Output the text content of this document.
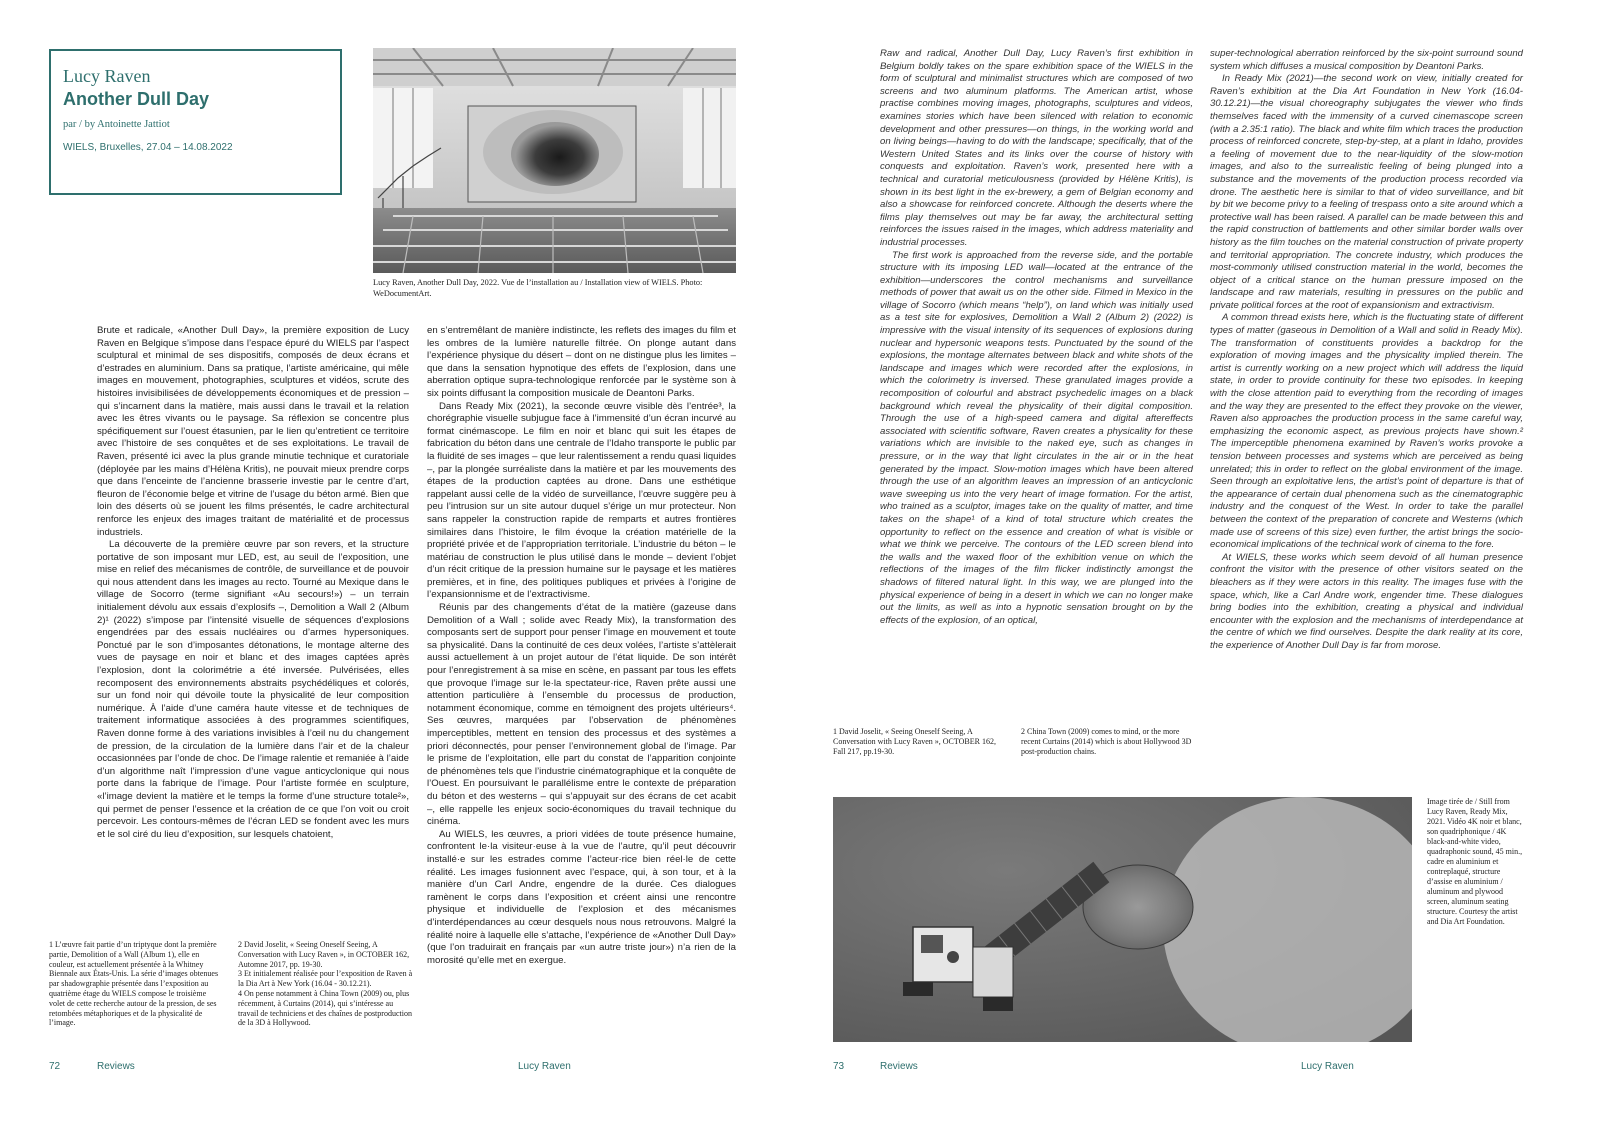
Lucy Raven
Another Dull Day
par / by Antoinette Jattiot
WIELS, Bruxelles, 27.04 – 14.08.2022
Lucy Raven, Another Dull Day, 2022. Vue de l’installation au / Installation view of WIELS. Photo: WeDocumentArt.

Brute et radicale, «Another Dull Day», la première exposition de Lucy Raven en Belgique s’impose dans l’espace épuré du WIELS par l’aspect sculptural et minimal de ses dispositifs, composés de deux écrans et d’estrades en aluminium. Dans sa pratique, l’artiste américaine, qui mêle images en mouvement, photographies, sculptures et vidéos, scrute des histoires invisibilisées de développements économiques et de pression – qui s’incarnent dans la matière, mais aussi dans le travail et la relation avec les êtres vivants ou le paysage. Sa réflexion se concentre plus spécifiquement sur l’ouest étasunien, par le lien qu’entretient ce territoire avec l’histoire de ses conquêtes et de ses exploitations. Le travail de Raven, présenté ici avec la plus grande minutie technique et curatoriale (déployée par les mains d’Hélèna Kritis), ne pouvait mieux prendre corps que dans l’enceinte de l’ancienne brasserie investie par le centre d’art, fleuron de l’économie belge et vitrine de l’usage du béton armé. Bien que loin des déserts où se jouent les films présentés, le cadre architectural renforce les enjeux des images traitant de matérialité et de processus industriels.

La découverte de la première œuvre par son revers, et la structure portative de son imposant mur LED, est, au seuil de l’exposition, une mise en relief des mécanismes de contrôle, de surveillance et de pouvoir qui nous attendent dans les images au recto. Tourné au Mexique dans le village de Socorro (terme signifiant «Au secours!») – un terrain initialement dévolu aux essais d’explosifs –, Demolition a Wall 2 (Album 2)¹ (2022) s’impose par l’intensité visuelle de séquences d’explosions engendrées par des essais nucléaires ou d’armes hypersoniques. Ponctué par le son d’imposantes détonations, le montage alterne des vues de paysage en noir et blanc et des images captées après l’explosion, dont la colorimétrie a été inversée. Pulvérisées, elles recomposent des environnements abstraits psychédéliques et colorés, sur un fond noir qui dévoile toute la physicalité de leur composition numérique. À l’aide d’une caméra haute vitesse et de techniques de traitement informatique associées à des programmes scientifiques, Raven donne forme à des variations invisibles à l’œil nu du changement de pression, de la circulation de la lumière dans l’air et de la chaleur occasionnées par l’onde de choc. De l’image ralentie et remaniée à l’aide d’un algorithme naît l’impression d’une vague anticyclonique qui nous porte dans la fabrique de l’image. Pour l’artiste formée en sculpture, «l’image devient la matière et le temps la forme d’une structure totale²», qui permet de penser l’essence et la création de ce que l’on voit ou croit percevoir. Les contours-mêmes de l’écran LED se fondent avec les murs et le sol ciré du lieu d’exposition, sur lesquels chatoient,

en s’entremêlant de manière indistincte, les reflets des images du film et les ombres de la lumière naturelle filtrée. On plonge autant dans l’expérience physique du désert – dont on ne distingue plus les limites – que dans la sensation hypnotique des effets de l’explosion, dans une aberration optique supra-technologique renforcée par le système son à six points diffusant la composition musicale de Deantoni Parks.

Dans Ready Mix (2021), la seconde œuvre visible dès l’entrée³, la chorégraphie visuelle subjugue face à l’immensité d’un écran incurvé au format cinémascope. Le film en noir et blanc qui suit les étapes de fabrication du béton dans une centrale de l’Idaho transporte le public par la fluidité de ses images – que leur ralentissement a rendu quasi liquides –, par la plongée surréaliste dans la matière et par les mouvements des étapes de la production captées au drone. Dans une esthétique rappelant aussi celle de la vidéo de surveillance, l’œuvre suggère peu à peu l’intrusion sur un site autour duquel s’érige un mur protecteur. Non sans rappeler la construction rapide de remparts et autres frontières similaires dans l’histoire, le film évoque la création matérielle de la propriété privée et de l’appropriation territoriale. L’industrie du béton – le matériau de construction le plus utilisé dans le monde – devient l’objet d’un récit critique de la pression humaine sur le paysage et les matières premières, et in fine, des politiques publiques et privées à l’origine de l’expansionnisme et de l’extractivisme.

Réunis par des changements d’état de la matière (gazeuse dans Demolition of a Wall ; solide avec Ready Mix), la transformation des composants sert de support pour penser l’image en mouvement et toute sa physicalité. Dans la continuité de ces deux volées, l’artiste s’attèlerait aussi actuellement à un projet autour de l’état liquide. De son intérêt pour l’enregistrement à sa mise en scène, en passant par tous les effets que provoque l’image sur le·la spectateur·rice, Raven prête aussi une attention particulière à l’ensemble du processus de production, notamment économique, comme en témoignent des projets ultérieurs⁴. Ses œuvres, marquées par l’observation de phénomènes imperceptibles, mettent en tension des processus et des systèmes a priori déconnectés, pour penser l’environnement global de l’image. Par le prisme de l’exploitation, elle part du constat de l’apparition conjointe de phénomènes tels que l’industrie cinématographique et la conquête de l’Ouest. En poursuivant le parallélisme entre le contexte de préparation du béton et des westerns – qui s’appuyait sur des écrans de cet acabit –, elle rappelle les enjeux socio-économiques du travail technique du cinéma.

Au WIELS, les œuvres, a priori vidées de toute présence humaine, confrontent le·la visiteur·euse à la vue de l’autre, qu’il peut découvrir installé·e sur les estrades comme l’acteur·rice bien réel·le de cette réalité. Les images fusionnent avec l’espace, qui, à son tour, et à la manière d’un Carl Andre, engendre de la durée. Ces dialogues ramènent le corps dans l’exposition et créent ainsi une rencontre physique et individuelle de l’explosion et des mécanismes d’interdépendances au cœur desquels nous nous retrouvons. Malgré la réalité noire à laquelle elle s’attache, l’expérience de «Another Dull Day» (que l’on traduirait en français par «un autre triste jour») n’a rien de la morosité qu’elle met en exergue.

1 L’œuvre fait partie d’un triptyque dont la première partie, Demolition of a Wall (Album 1), elle en couleur, est actuellement présentée à la Whitney Biennale aux États-Unis. La série d’images obtenues par shadowgraphie présentée dans l’exposition au quatrième étage du WIELS compose le troisième volet de cette recherche autour de la pression, de ses retombées métaphoriques et de la physicalité de l’image.
2 David Joselit, « Seeing Oneself Seeing, A Conversation with Lucy Raven », in OCTOBER 162, Automne 2017, pp. 19-30.
3 Et initialement réalisée pour l’exposition de Raven à la Dia Art à New York (16.04 - 30.12.21).
4 On pense notamment à China Town (2009) ou, plus récemment, à Curtains (2014), qui s’intéresse au travail de techniciens et des chaînes de postproduction de la 3D à Hollywood.

Raw and radical, Another Dull Day, Lucy Raven’s first exhibition in Belgium boldly takes on the spare exhibition space of the WIELS in the form of sculptural and minimalist structures which are composed of two screens and two aluminum platforms. The American artist, whose practise combines moving images, photographs, sculptures and videos, examines stories which have been silenced with relation to economic development and other pressures—on things, in the working world and on living beings—having to do with the landscape; specifically, that of the Western United States and its links over the course of history with conquests and exploitation. Raven’s work, presented here with a technical and curatorial meticulousness (provided by Hélène Kritis), is shown in its best light in the ex-brewery, a gem of Belgian economy and also a showcase for reinforced concrete. Although the deserts where the films play themselves out may be far away, the architectural setting reinforces the issues raised in the images, which address materiality and industrial processes.

The first work is approached from the reverse side, and the portable structure with its imposing LED wall—located at the entrance of the exhibition—underscores the control mechanisms and surveillance methods of power that await us on the other side. Filmed in Mexico in the village of Socorro (which means “help”), on land which was initially used as a test site for explosives, Demolition a Wall 2 (Album 2) (2022) is impressive with the visual intensity of its sequences of explosions during nuclear and hypersonic weapons tests. Punctuated by the sound of the explosions, the montage alternates between black and white shots of the landscape and images which were recorded after the explosions, in which the colorimetry is inversed. These granulated images provide a recomposition of colourful and abstract psychedelic images on a black background which reveal the physicality of their digital composition. Through the use of a high-speed camera and digital aftereffects associated with scientific software, Raven creates a physicality for these variations which are invisible to the naked eye, such as changes in pressure, or in the way that light circulates in the air or in the heat generated by the impact. Slow-motion images which have been altered through the use of an algorithm leaves an impression of an anticyclonic wave sweeping us into the very heart of image formation. For the artist, who trained as a sculptor, images take on the quality of matter, and time takes on the shape¹ of a kind of total structure which creates the opportunity to reflect on the essence and creation of what is visible or what we think we perceive. The contours of the LED screen blend into the walls and the waxed floor of the exhibition venue on which the reflections of the images of the film flicker indistinctly amongst the shadows of filtered natural light. In this way, we are plunged into the physical experience of being in a desert in which we can no longer make out the limits, as well as into a hypnotic sensation brought on by the effects of the explosion, of an optical,

super-technological aberration reinforced by the six-point surround sound system which diffuses a musical composition by Deantoni Parks.

In Ready Mix (2021)—the second work on view, initially created for Raven’s exhibition at the Dia Art Foundation in New York (16.04-30.12.21)—the visual choreography subjugates the viewer who finds themselves faced with the immensity of a curved cinemascope screen (with a 2.35:1 ratio). The black and white film which traces the production process of reinforced concrete, step-by-step, at a plant in Idaho, provides a feeling of movement due to the near-liquidity of the slow-motion images, and also to the surrealistic feeling of being plunged into a substance and the movements of the production process recorded via drone. The aesthetic here is similar to that of video surveillance, and bit by bit we become privy to a feeling of trespass onto a site around which a protective wall has been raised. A parallel can be made between this and the rapid construction of battlements and other similar border walls over history as the film touches on the material construction of private property and territorial appropriation. The concrete industry, which produces the most-commonly utilised construction material in the world, becomes the object of a critical stance on the human pressure imposed on the landscape and raw materials, resulting in pressures on the public and private political forces at the root of expansionism and extractivism.

A common thread exists here, which is the fluctuating state of different types of matter (gaseous in Demolition of a Wall and solid in Ready Mix). The transformation of constituents provides a backdrop for the exploration of moving images and the physicality implied therein. The artist is currently working on a new project which will address the liquid state, in order to provide continuity for these two episodes. In keeping with the close attention paid to everything from the recording of images and the way they are presented to the effect they provoke on the viewer, Raven also approaches the production process in the same careful way, emphasizing the economic aspect, as previous projects have shown.² The imperceptible phenomena examined by Raven’s works provoke a tension between processes and systems which are perceived as being unrelated; this in order to reflect on the global environment of the image. Seen through an exploitative lens, the artist’s point of departure is that of the appearance of certain dual phenomena such as the cinematographic industry and the conquest of the West. In order to take the parallel between the context of the preparation of concrete and Westerns (which made use of screens of this size) even further, the artist brings the socio-economical implications of the technical work of cinema to the fore.

At WIELS, these works which seem devoid of all human presence confront the visitor with the presence of other visitors seated on the bleachers as if they were actors in this reality. The images fuse with the space, which, like a Carl Andre work, engender time. These dialogues bring bodies into the exhibition, creating a physical and individual encounter with the explosion and the mechanisms of interdependance at the centre of which we find ourselves. Despite the dark reality at its core, the experience of Another Dull Day is far from morose.

1 David Joselit, « Seeing Oneself Seeing, A Conversation with Lucy Raven », OCTOBER 162, Fall 217, pp.19-30.
2 China Town (2009) comes to mind, or the more recent Curtains (2014) which is about Hollywood 3D post-production chains.
Image tirée de / Still from Lucy Raven, Ready Mix, 2021. Vidéo 4K noir et blanc, son quadriphonique / 4K black-and-white video, quadraphonic sound, 45 min., cadre en aluminium et contreplaqué, structure d’assise en aluminium / aluminum and plywood screen, aluminum seating structure. Courtesy the artist and Dia Art Foundation.
72	Reviews	Lucy Raven	73	Reviews	Lucy Raven
